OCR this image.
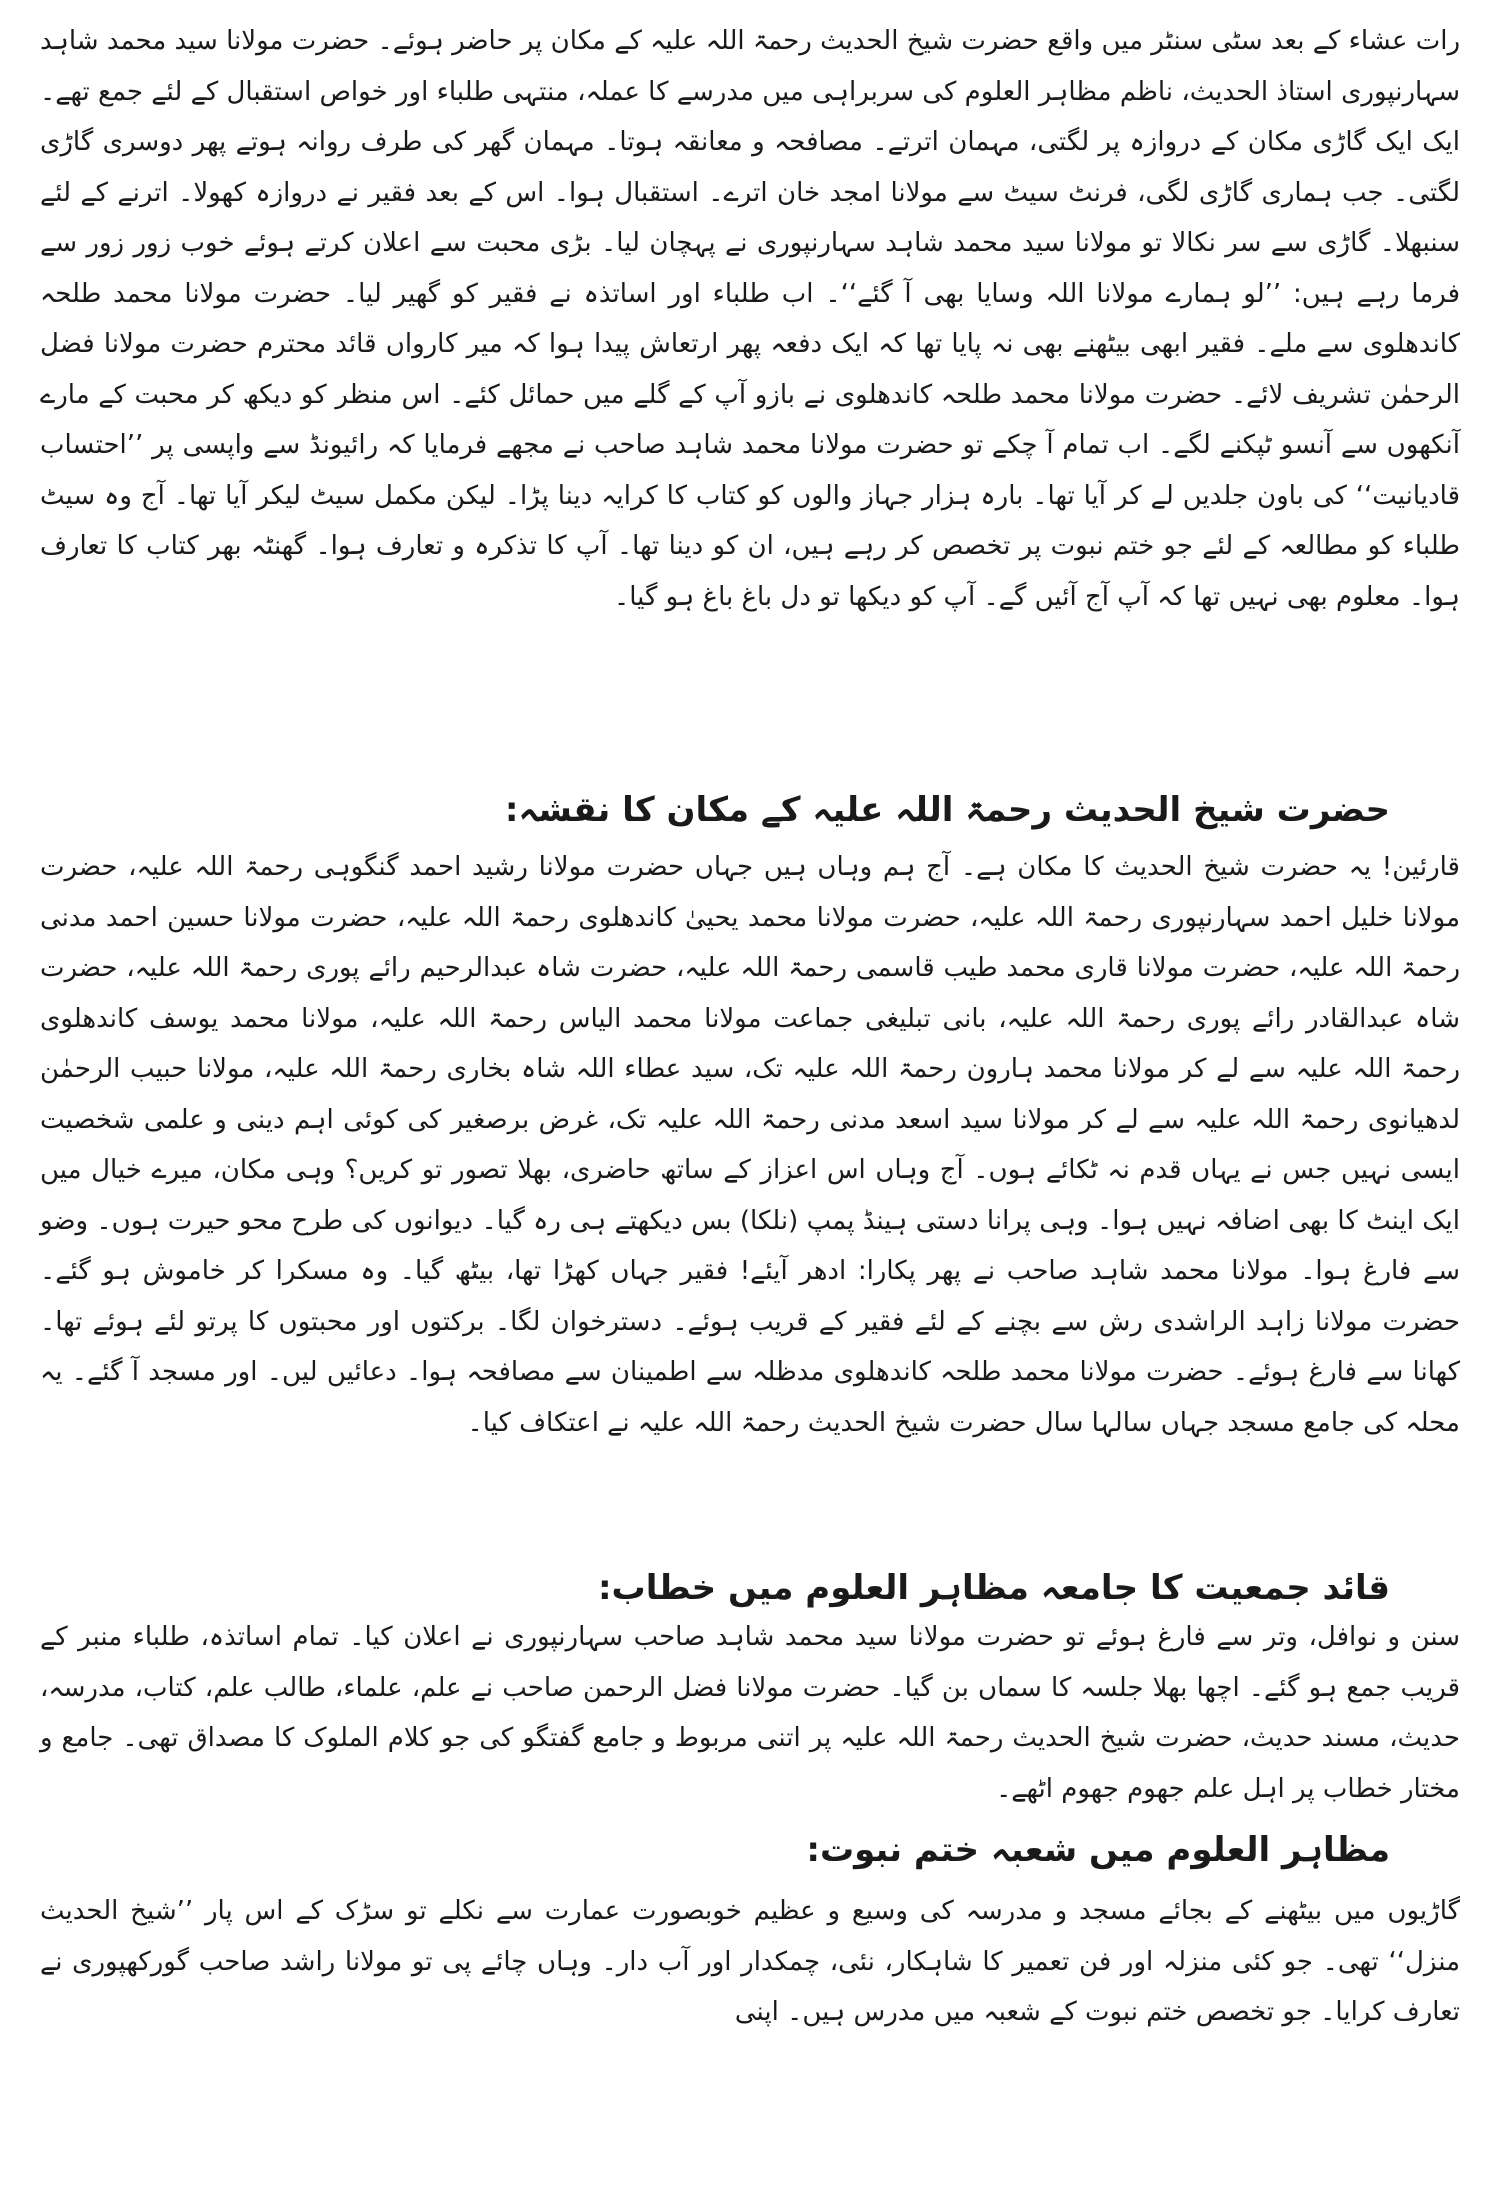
رات عشاء کے بعد سٹی سنٹر میں واقع حضرت شیخ الحدیث رحمۃ اللہ علیہ کے مکان پر حاضر ہوئے۔ حضرت مولانا سید محمد شاہد سہارنپوری استاذ الحدیث، ناظم مظاہر العلوم کی سربراہی میں مدرسے کا عملہ، منتہی طلباء اور خواص استقبال کے لئے جمع تھے۔ ایک ایک گاڑی مکان کے دروازہ پر لگتی، مہمان اترتے۔ مصافحہ و معانقہ ہوتا۔ مہمان گھر کی طرف روانہ ہوتے پھر دوسری گاڑی لگتی۔ جب ہماری گاڑی لگی، فرنٹ سیٹ سے مولانا امجد خان اترے۔ استقبال ہوا۔ اس کے بعد فقیر نے دروازہ کھولا۔ اترنے کے لئے سنبھلا۔ گاڑی سے سر نکالا تو مولانا سید محمد شاہد سہارنپوری نے پہچان لیا۔ بڑی محبت سے اعلان کرتے ہوئے خوب زور زور سے فرما رہے ہیں: ’’لو ہمارے مولانا اللہ وسایا بھی آ گئے‘‘۔ اب طلباء اور اساتذہ نے فقیر کو گھیر لیا۔ حضرت مولانا محمد طلحہ کاندھلوی سے ملے۔ فقیر ابھی بیٹھنے بھی نہ پایا تھا کہ ایک دفعہ پھر ارتعاش پیدا ہوا کہ میر کارواں قائد محترم حضرت مولانا فضل الرحمٰن تشریف لائے۔ حضرت مولانا محمد طلحہ کاندھلوی نے بازو آپ کے گلے میں حمائل کئے۔ اس منظر کو دیکھ کر محبت کے مارے آنکھوں سے آنسو ٹپکنے لگے۔ اب تمام آ چکے تو حضرت مولانا محمد شاہد صاحب نے مجھے فرمایا کہ رائیونڈ سے واپسی پر ’’احتساب قادیانیت‘‘ کی باون جلدیں لے کر آیا تھا۔ بارہ ہزار جہاز والوں کو کتاب کا کرایہ دینا پڑا۔ لیکن مکمل سیٹ لیکر آیا تھا۔ آج وہ سیٹ طلباء کو مطالعہ کے لئے جو ختم نبوت پر تخصص کر رہے ہیں، ان کو دینا تھا۔ آپ کا تذکرہ و تعارف ہوا۔ گھنٹہ بھر کتاب کا تعارف ہوا۔ معلوم بھی نہیں تھا کہ آپ آج آئیں گے۔ آپ کو دیکھا تو دل باغ باغ ہو گیا۔

حضرت شیخ الحدیث رحمۃ اللہ علیہ کے مکان کا نقشہ:

قارئین! یہ حضرت شیخ الحدیث کا مکان ہے۔ آج ہم وہاں ہیں جہاں حضرت مولانا رشید احمد گنگوہی رحمۃ اللہ علیہ، حضرت مولانا خلیل احمد سہارنپوری رحمۃ اللہ علیہ، حضرت مولانا محمد یحییٰ کاندھلوی رحمۃ اللہ علیہ، حضرت مولانا حسین احمد مدنی رحمۃ اللہ علیہ، حضرت مولانا قاری محمد طیب قاسمی رحمۃ اللہ علیہ، حضرت شاہ عبدالرحیم رائے پوری رحمۃ اللہ علیہ، حضرت شاہ عبدالقادر رائے پوری رحمۃ اللہ علیہ، بانی تبلیغی جماعت مولانا محمد الیاس رحمۃ اللہ علیہ، مولانا محمد یوسف کاندھلوی رحمۃ اللہ علیہ سے لے کر مولانا محمد ہارون رحمۃ اللہ علیہ تک، سید عطاء اللہ شاہ بخاری رحمۃ اللہ علیہ، مولانا حبیب الرحمٰن لدھیانوی رحمۃ اللہ علیہ سے لے کر مولانا سید اسعد مدنی رحمۃ اللہ علیہ تک، غرض برصغیر کی کوئی اہم دینی و علمی شخصیت ایسی نہیں جس نے یہاں قدم نہ ٹکائے ہوں۔ آج وہاں اس اعزاز کے ساتھ حاضری، بھلا تصور تو کریں؟ وہی مکان، میرے خیال میں ایک اینٹ کا بھی اضافہ نہیں ہوا۔ وہی پرانا دستی ہینڈ پمپ (نلکا) بس دیکھتے ہی رہ گیا۔ دیوانوں کی طرح محو حیرت ہوں۔ وضو سے فارغ ہوا۔ مولانا محمد شاہد صاحب نے پھر پکارا: ادھر آیئے! فقیر جہاں کھڑا تھا، بیٹھ گیا۔ وہ مسکرا کر خاموش ہو گئے۔ حضرت مولانا زاہد الراشدی رش سے بچنے کے لئے فقیر کے قریب ہوئے۔ دسترخوان لگا۔ برکتوں اور محبتوں کا پرتو لئے ہوئے تھا۔ کھانا سے فارغ ہوئے۔ حضرت مولانا محمد طلحہ کاندھلوی مدظلہ سے اطمینان سے مصافحہ ہوا۔ دعائیں لیں۔ اور مسجد آ گئے۔ یہ محلہ کی جامع مسجد جہاں سالہا سال حضرت شیخ الحدیث رحمۃ اللہ علیہ نے اعتکاف کیا۔

قائد جمعیت کا جامعہ مظاہر العلوم میں خطاب:

سنن و نوافل، وتر سے فارغ ہوئے تو حضرت مولانا سید محمد شاہد صاحب سہارنپوری نے اعلان کیا۔ تمام اساتذہ، طلباء منبر کے قریب جمع ہو گئے۔ اچھا بھلا جلسہ کا سماں بن گیا۔ حضرت مولانا فضل الرحمن صاحب نے علم، علماء، طالب علم، کتاب، مدرسہ، حدیث، مسند حدیث، حضرت شیخ الحدیث رحمۃ اللہ علیہ پر اتنی مربوط و جامع گفتگو کی جو کلام الملوک کا مصداق تھی۔ جامع و مختار خطاب پر اہل علم جھوم جھوم اٹھے۔

مظاہر العلوم میں شعبہ ختم نبوت:

گاڑیوں میں بیٹھنے کے بجائے مسجد و مدرسہ کی وسیع و عظیم خوبصورت عمارت سے نکلے تو سڑک کے اس پار ’’شیخ الحدیث منزل‘‘ تھی۔ جو کئی منزلہ اور فن تعمیر کا شاہکار، نئی، چمکدار اور آب دار۔ وہاں چائے پی تو مولانا راشد صاحب گورکھپوری نے تعارف کرایا۔ جو تخصص ختم نبوت کے شعبہ میں مدرس ہیں۔ اپنی
